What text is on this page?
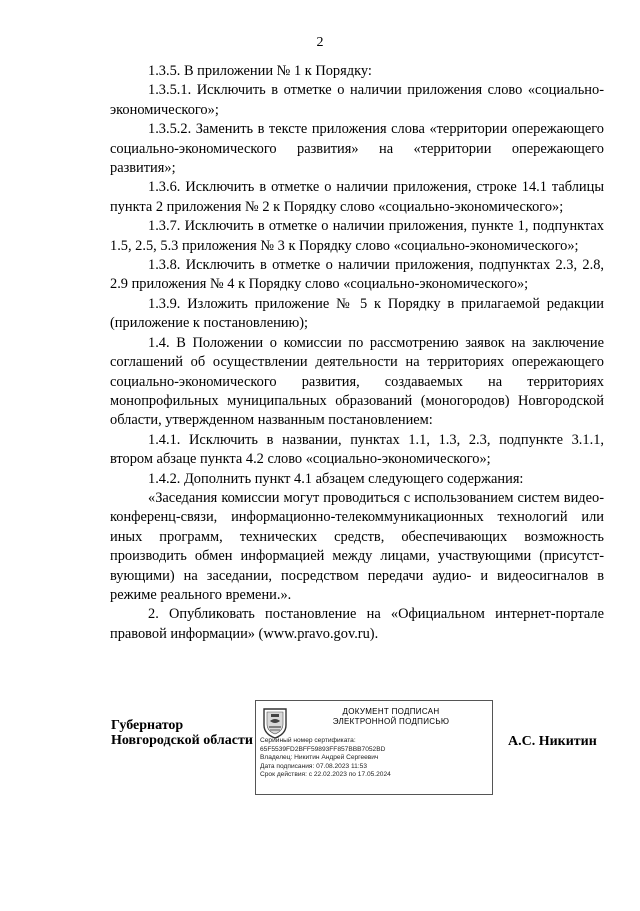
2

1.3.5. В приложении № 1 к Порядку:

1.3.5.1. Исключить в отметке о наличии приложения слово «социально-экономического»;

1.3.5.2. Заменить в тексте приложения слова «территории опережающего социально-экономического развития» на «территории опережающего развития»;

1.3.6. Исключить в отметке о наличии приложения, строке 14.1 таблицы пункта 2 приложения № 2 к Порядку слово «социально-экономического»;

1.3.7. Исключить в отметке о наличии приложения, пункте 1, подпунктах 1.5, 2.5, 5.3 приложения № 3 к Порядку слово «социально-экономического»;

1.3.8. Исключить в отметке о наличии приложения, подпунктах 2.3, 2.8, 2.9 приложения № 4 к Порядку слово «социально-экономического»;

1.3.9. Изложить приложение № 5 к Порядку в прилагаемой редакции (приложение к постановлению);

1.4. В Положении о комиссии по рассмотрению заявок на заключение соглашений об осуществлении деятельности на территориях опережающего социально-экономического развития, создаваемых на территориях монопрофильных муниципальных образований (моногородов) Новгородской области, утвержденном названным постановлением:

1.4.1. Исключить в названии, пунктах 1.1, 1.3, 2.3, подпункте 3.1.1, втором абзаце пункта 4.2 слово «социально-экономического»;

1.4.2. Дополнить пункт 4.1 абзацем следующего содержания:

«Заседания комиссии могут проводиться с использованием систем видео-конференц-связи, информационно-телекоммуникационных технологий или иных программ, технических средств, обеспечивающих возможность производить обмен информацией между лицами, участвующими (присутст-вующими) на заседании, посредством передачи аудио- и видеосигналов в режиме реального времени.».

2. Опубликовать постановление на «Официальном интернет-портале правовой информации» (www.pravo.gov.ru).

Губернатор
Новгородской области
ДОКУМЕНТ ПОДПИСАН
ЭЛЕКТРОННОЙ ПОДПИСЬЮ
Серийный номер сертификата:
65F5539FD2BFF59893FF857BBB7052BD
Владелец: Никитин Андрей Сергеевич
Дата подписания: 07.08.2023 11:53
Срок действия: с 22.02.2023 по 17.05.2024
А.С. Никитин
